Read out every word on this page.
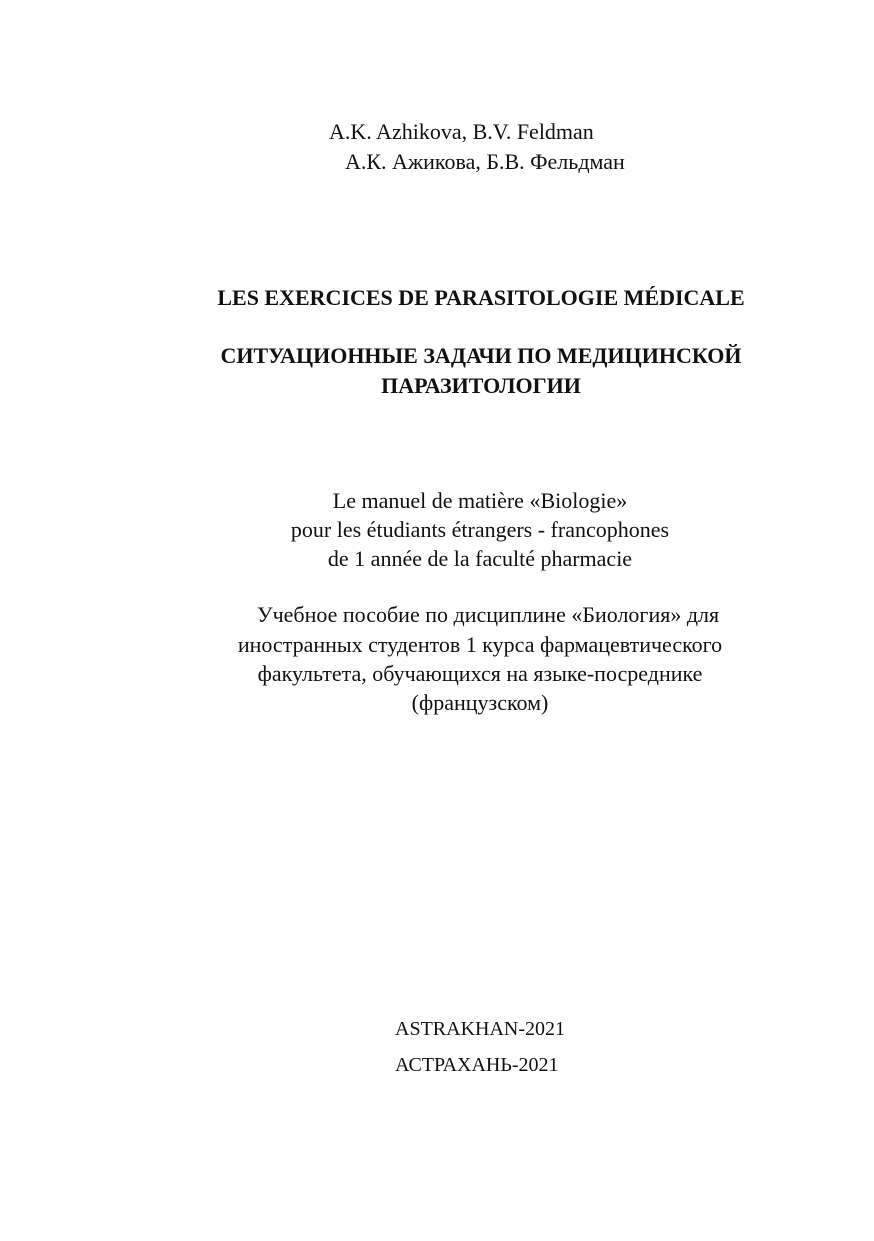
A.K. Azhikova, B.V. Feldman
А.К. Ажикова, Б.В. Фельдман
LES EXERCICES DE PARASITOLOGIE MÉDICALE
СИТУАЦИОННЫЕ ЗАДАЧИ ПО МЕДИЦИНСКОЙ
ПАРАЗИТОЛОГИИ
Le manuel de matière «Biologie»
pour les étudiants étrangers - francophones
de 1 année de la faculté pharmacie
Учебное пособие по дисциплине «Биология» для
иностранных студентов 1 курса фармацевтического
факультета, обучающихся на языке-посреднике
(французском)
ASTRAKHAN-2021
АСТРАХАНЬ-2021
